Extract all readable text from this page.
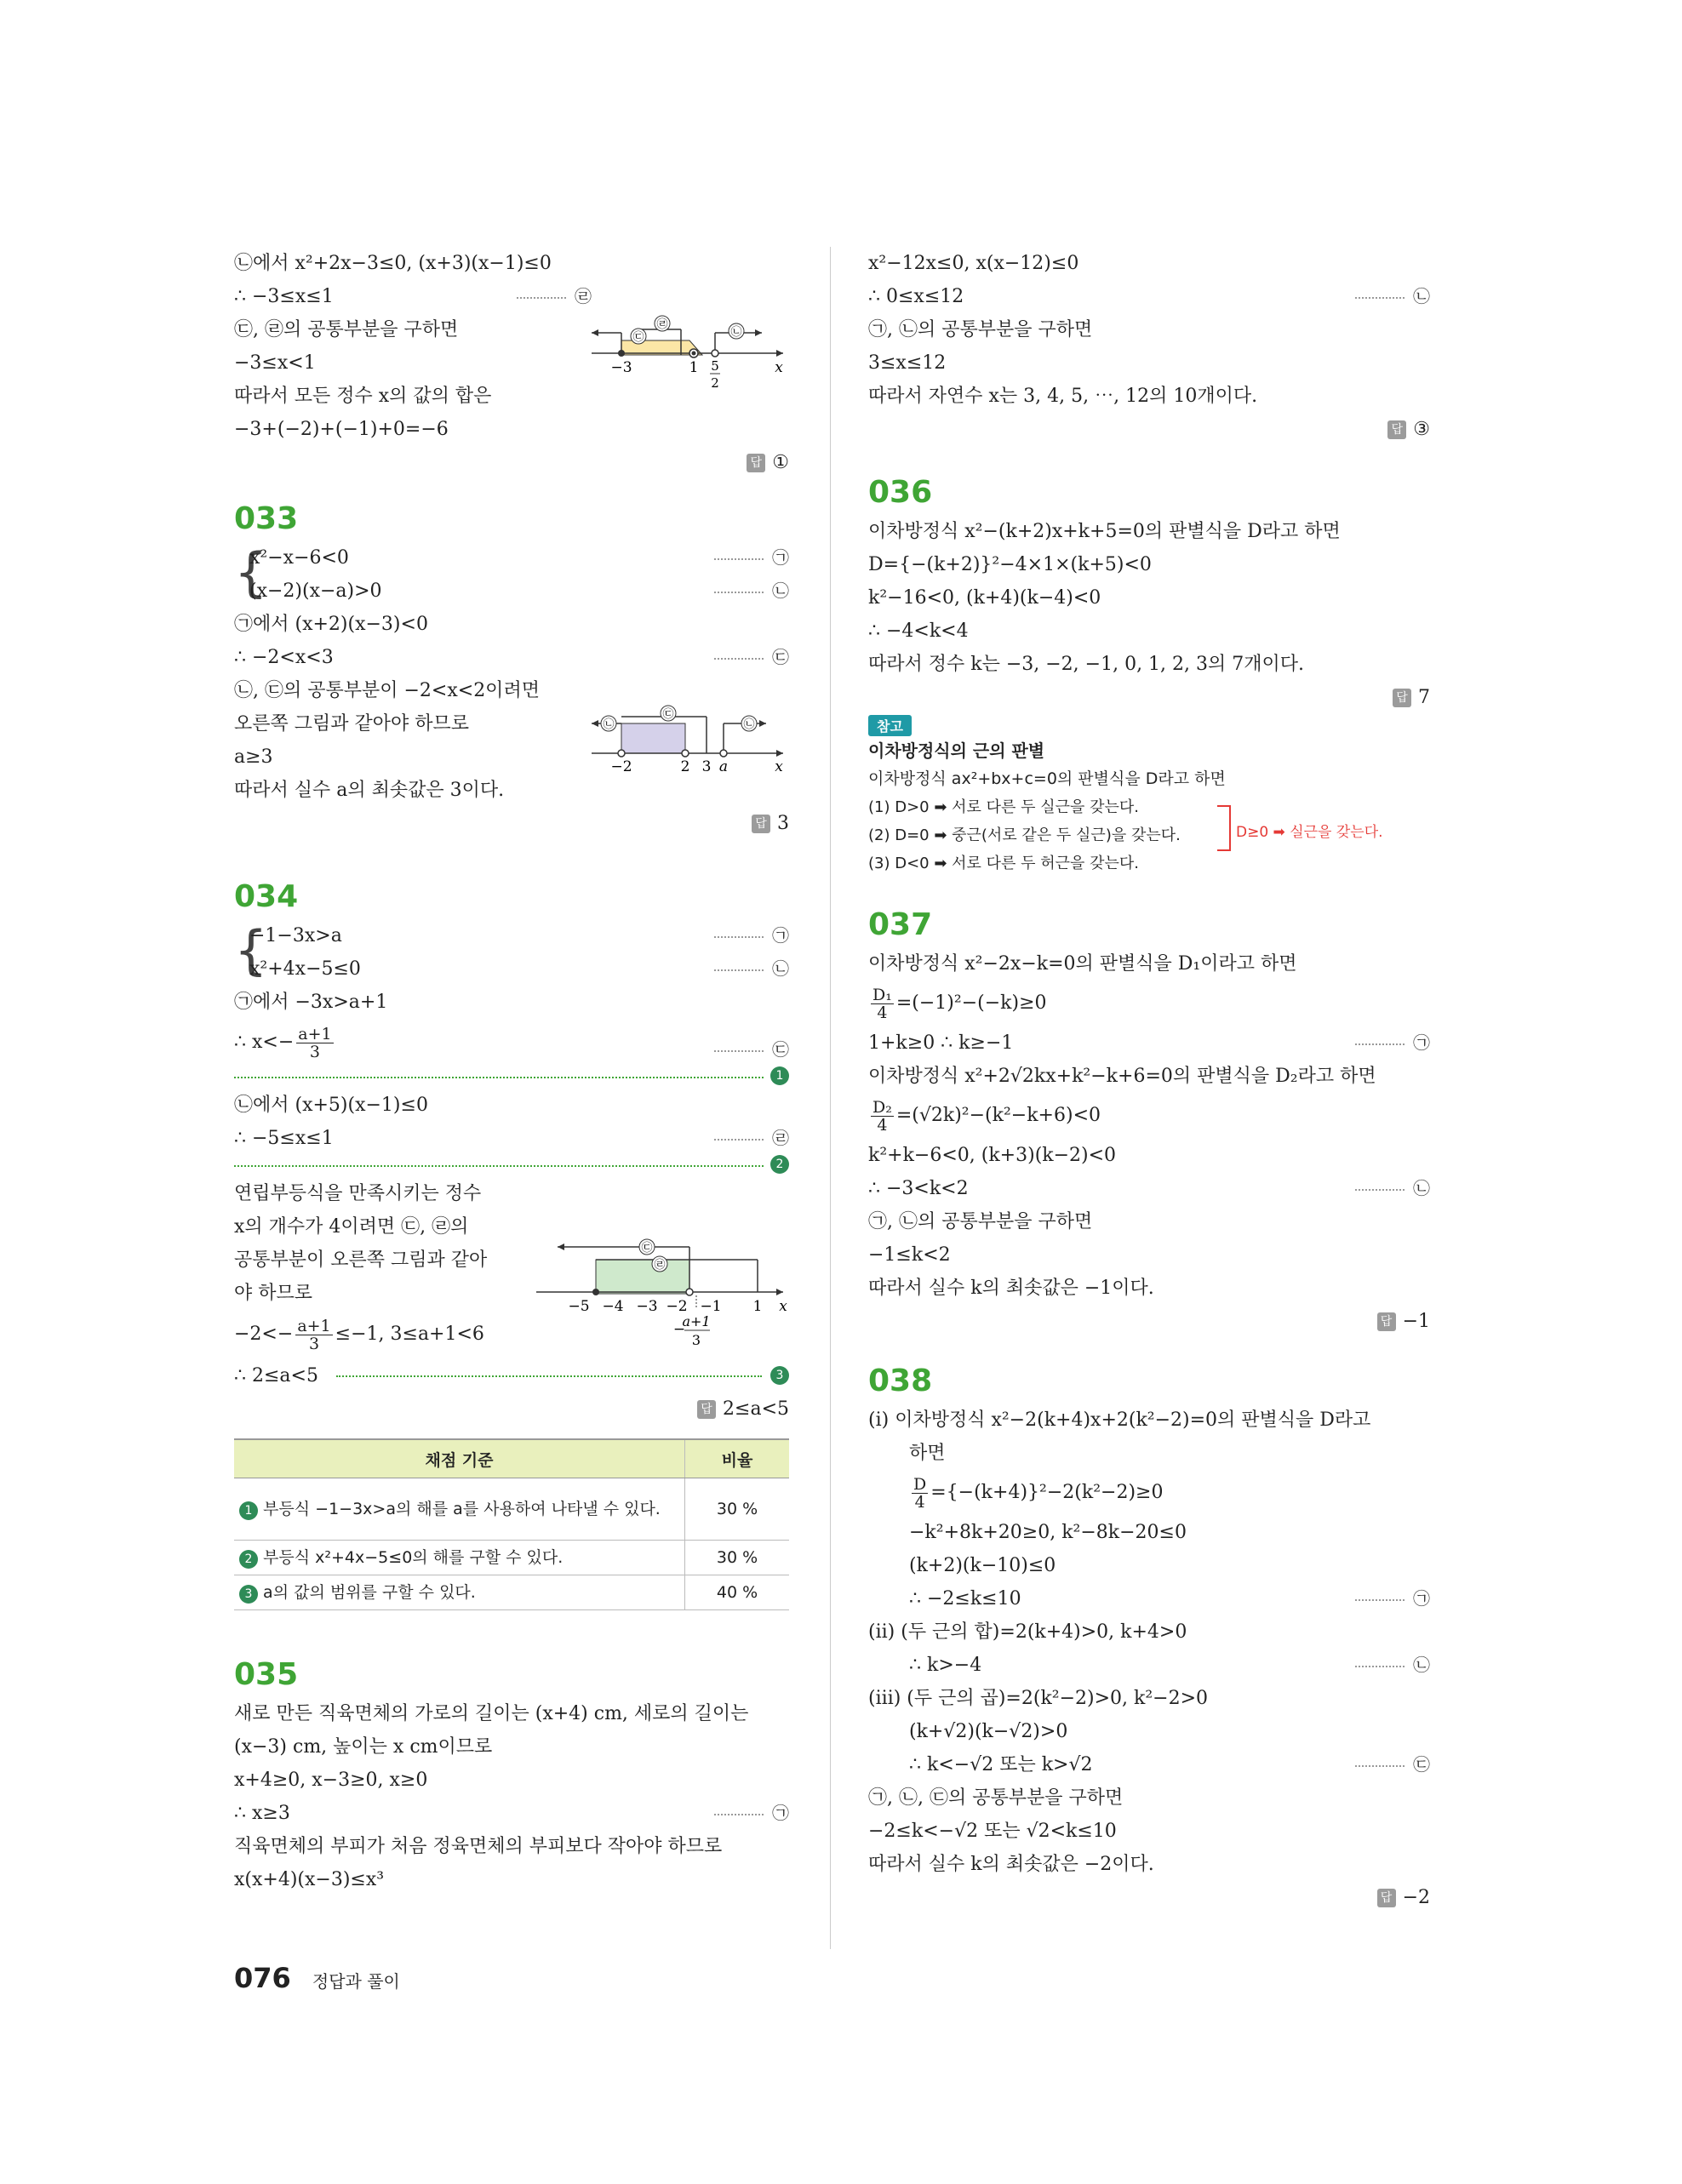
㉡에서 x²+2x−3≤0, (x+3)(x−1)≤0
∴ −3≤x≤1	㉣
㉢, ㉣의 공통부분을 구하면
−3≤x<1
따라서 모든 정수 x의 값의 합은
−3+(−2)+(−1)+0=−6
답 ①
033
{
x²−x−6<0	㉠
(x−2)(x−a)>0	㉡
㉠에서 (x+2)(x−3)<0
∴ −2<x<3	㉢
㉡, ㉢의 공통부분이 −2<x<2이려면
오른쪽 그림과 같아야 하므로
a≥3
따라서 실수 a의 최솟값은 3이다.
답 3
034
{
−1−3x>a	㉠
x²+4x−5≤0	㉡
㉠에서 −3x>a+1
∴ $x<- \frac{a+1}{3}$	㉢
1
㉡에서 (x+5)(x−1)≤0
∴ −5≤x≤1	㉣
2
연립부등식을 만족시키는 정수
x의 개수가 4이려면 ㉢, ㉣의
공통부분이 오른쪽 그림과 같아
야 하므로
$-2<- \frac{a+1}{3} \le-1$, 3≤a+1<6
∴ 2≤a<5	3
답 2≤a<5
채점 기준	비율
1 부등식 −1−3x>a의 해를 a를 사용하여 나타낼 수 있다.	30 %
2 부등식 x²+4x−5≤0의 해를 구할 수 있다.	30 %
3 a의 값의 범위를 구할 수 있다.	40 %
035
새로 만든 직육면체의 가로의 길이는 (x+4) cm, 세로의 길이는
(x−3) cm, 높이는 x cm이므로
x+4≥0, x−3≥0, x≥0
∴ x≥3	㉠
직육면체의 부피가 처음 정육면체의 부피보다 작아야 하므로
x(x+4)(x−3)≤x³
㉢
㉣
㉡
−3	1 5
2
x
㉡
㉢
㉡
−2	2 3 a	x
㉢
㉣
−5 −4 −3 −2 −1 1 x
−
a+1
3
x²−12x≤0, x(x−12)≤0
∴ 0≤x≤12	㉡
㉠, ㉡의 공통부분을 구하면
3≤x≤12
따라서 자연수 x는 3, 4, 5, ⋯, 12의 10개이다.
답 ③
036
이차방정식 x²−(k+2)x+k+5=0의 판별식을 D라고 하면
D={−(k+2)}²−4×1×(k+5)<0
k²−16<0, (k+4)(k−4)<0
∴ −4<k<4
따라서 정수 k는 −3, −2, −1, 0, 1, 2, 3의 7개이다.
답 7
참고
이차방정식의 근의 판별
이차방정식 ax²+bx+c=0의 판별식을 D라고 하면
(1) D>0 ➡ 서로 다른 두 실근을 갖는다.
(2) D=0 ➡ 중근(서로 같은 두 실근)을 갖는다.
(3) D<0 ➡ 서로 다른 두 허근을 갖는다.
037
이차방정식 x²−2x−k=0의 판별식을 D₁이라고 하면
$\frac{\text{D₁}}{4} =(-1)^2-(-k)\ge 0$
1+k≥0 ∴ k≥−1	㉠
이차방정식 x²+2√2kx+k²−k+6=0의 판별식을 D₂라고 하면
$\frac{\text{D₂}}{4} =(√2k)^2-(k^2-k+6)<0$
k²+k−6<0, (k+3)(k−2)<0
∴ −3<k<2	㉡
㉠, ㉡의 공통부분을 구하면
−1≤k<2
따라서 실수 k의 최솟값은 −1이다.
답 −1
038
(ⅰ) 이차방정식 x²−2(k+4)x+2(k²−2)=0의 판별식을 D라고
하면
$\frac{D}{4} =\{-(k+4)\}^2-2(k^2-2)\ge 0$
−k²+8k+20≥0, k²−8k−20≤0
(k+2)(k−10)≤0
∴ −2≤k≤10	㉠
(ⅱ) (두 근의 합)=2(k+4)>0, k+4>0
∴ k>−4	㉡
(ⅲ) (두 근의 곱)=2(k²−2)>0, k²−2>0
(k+√2)(k−√2)>0
∴ k<−√2 또는 k>√2	㉢
㉠, ㉡, ㉢의 공통부분을 구하면
−2≤k<−√2 또는 √2<k≤10
따라서 실수 k의 최솟값은 −2이다.
답 −2
D≥0 ➡ 실근을 갖는다.
076 정답과 풀이
